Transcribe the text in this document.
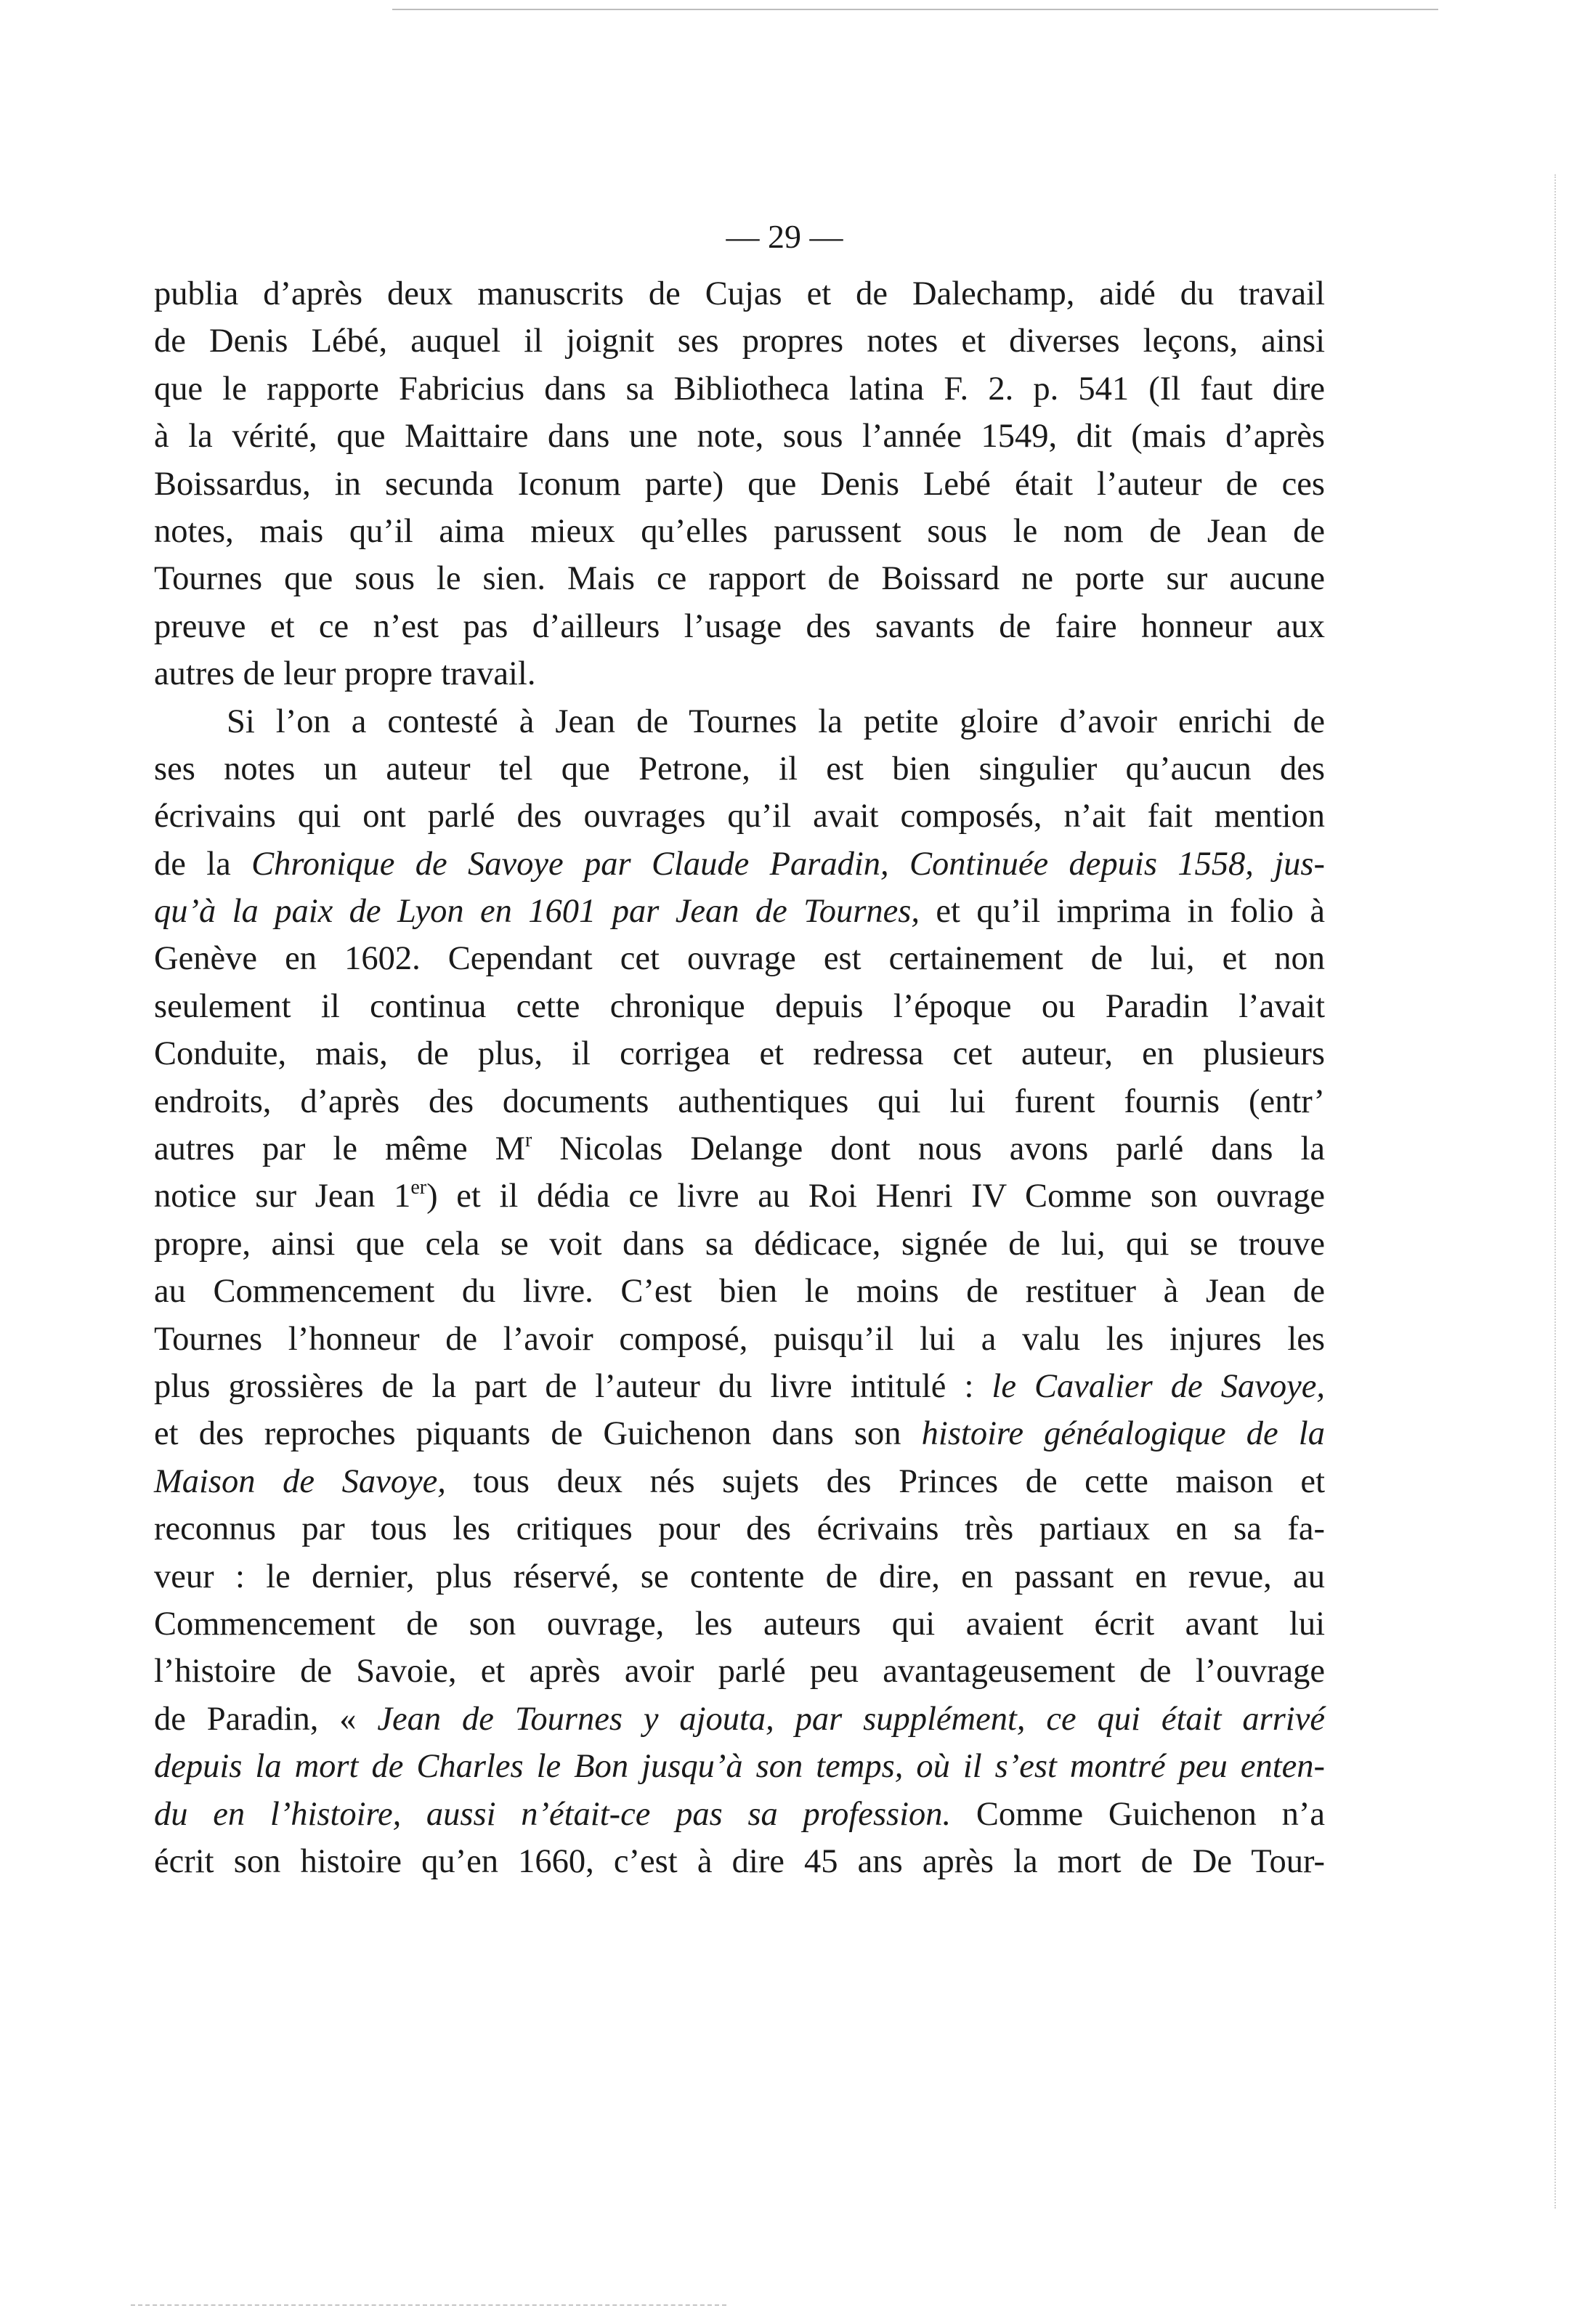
— 29 —
publia d’après deux manuscrits de Cujas et de Dalechamp, aidé du travail
de Denis Lébé, auquel il joignit ses propres notes et diverses leçons, ainsi
que le rapporte Fabricius dans sa Bibliotheca latina F. 2. p. 541 (Il faut dire
à la vérité, que Maittaire dans une note, sous l’année 1549, dit (mais d’après
Boissardus, in secunda Iconum parte) que Denis Lebé était l’auteur de ces
notes, mais qu’il aima mieux qu’elles parussent sous le nom de Jean de
Tournes que sous le sien. Mais ce rapport de Boissard ne porte sur aucune
preuve et ce n’est pas d’ailleurs l’usage des savants de faire honneur aux
autres de leur propre travail.
Si l’on a contesté à Jean de Tournes la petite gloire d’avoir enrichi de
ses notes un auteur tel que Petrone, il est bien singulier qu’aucun des
écrivains qui ont parlé des ouvrages qu’il avait composés, n’ait fait mention
de la Chronique de Savoye par Claude Paradin, Continuée depuis 1558, jus-
qu’à la paix de Lyon en 1601 par Jean de Tournes, et qu’il imprima in folio à
Genève en 1602. Cependant cet ouvrage est certainement de lui, et non
seulement il continua cette chronique depuis l’époque ou Paradin l’avait
Conduite, mais, de plus, il corrigea et redressa cet auteur, en plusieurs
endroits, d’après des documents authentiques qui lui furent fournis (entr’
autres par le même $M^r$ Nicolas Delange dont nous avons parlé dans la
notice sur Jean 1er) et il dédia ce livre au Roi Henri IV Comme son ouvrage
propre, ainsi que cela se voit dans sa dédicace, signée de lui, qui se trouve
au Commencement du livre. C’est bien le moins de restituer à Jean de
Tournes l’honneur de l’avoir composé, puisqu’il lui a valu les injures les
plus grossières de la part de l’auteur du livre intitulé : le Cavalier de Savoye,
et des reproches piquants de Guichenon dans son histoire généalogique de la
Maison de Savoye, tous deux nés sujets des Princes de cette maison et
reconnus par tous les critiques pour des écrivains très partiaux en sa fa-
veur : le dernier, plus réservé, se contente de dire, en passant en revue, au
Commencement de son ouvrage, les auteurs qui avaient écrit avant lui
l’histoire de Savoie, et après avoir parlé peu avantageusement de l’ouvrage
de Paradin, « Jean de Tournes y ajouta, par supplément, ce qui était arrivé
depuis la mort de Charles le Bon jusqu’à son temps, où il s’est montré peu enten-
du en l’histoire, aussi n’était-ce pas sa profession. Comme Guichenon n’a
écrit son histoire qu’en 1660, c’est à dire 45 ans après la mort de De Tour-
